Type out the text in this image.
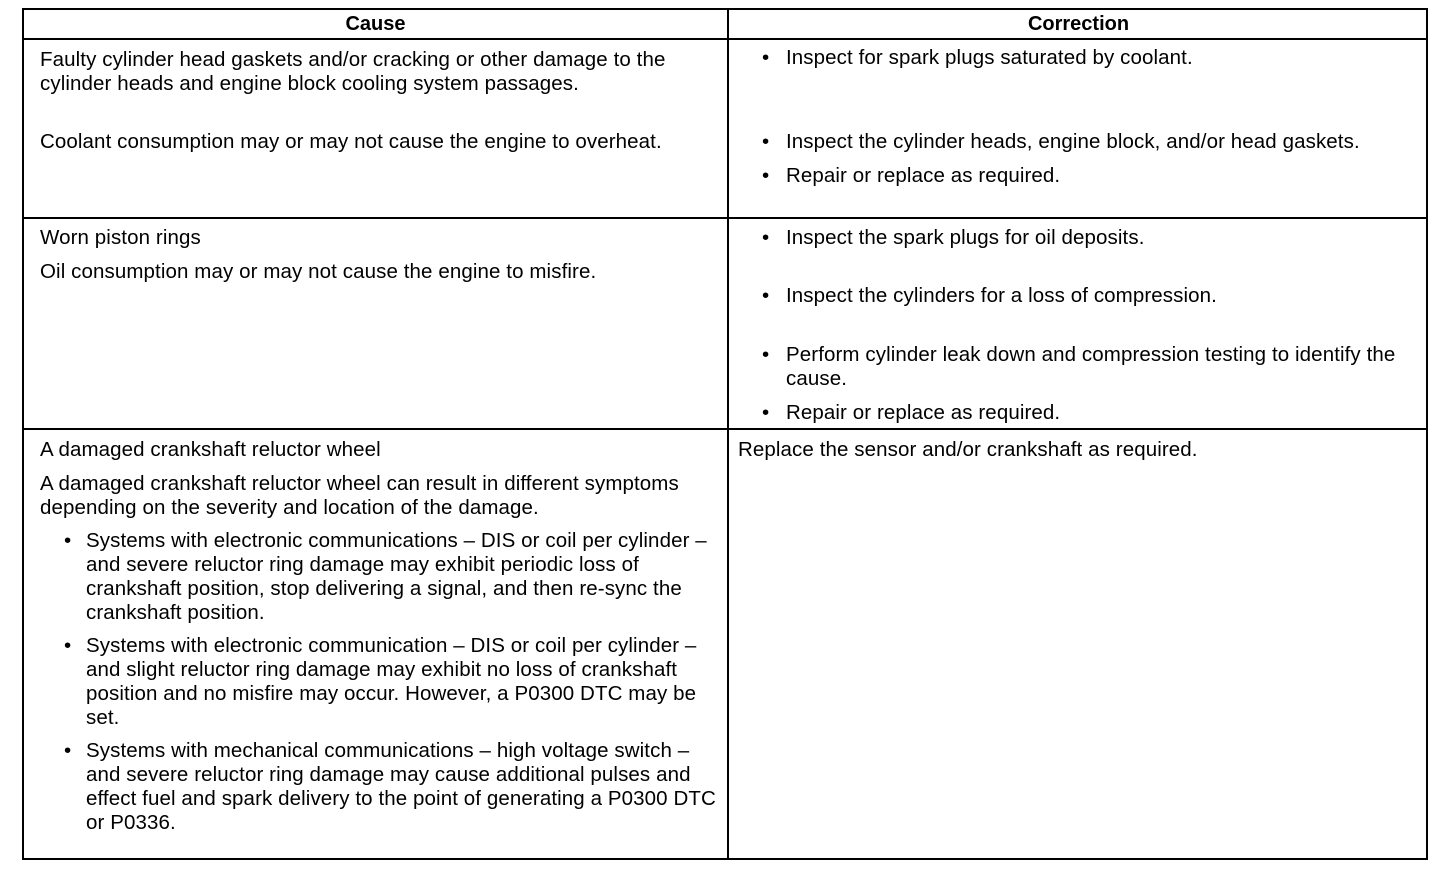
Cause	Correction

Faulty cylinder head gaskets and/or cracking or other damage to the cylinder heads and engine block cooling system passages.

Coolant consumption may or may not cause the engine to overheat.

• Inspect for spark plugs saturated by coolant.
• Inspect the cylinder heads, engine block, and/or head gaskets.
• Repair or replace as required.

Worn piston rings

Oil consumption may or may not cause the engine to misfire.

• Inspect the spark plugs for oil deposits.
• Inspect the cylinders for a loss of compression.
• Perform cylinder leak down and compression testing to identify the cause.
• Repair or replace as required.

A damaged crankshaft reluctor wheel

A damaged crankshaft reluctor wheel can result in different symptoms depending on the severity and location of the damage.

• Systems with electronic communications – DIS or coil per cylinder – and severe reluctor ring damage may exhibit periodic loss of crankshaft position, stop delivering a signal, and then re-sync the crankshaft position.
• Systems with electronic communication – DIS or coil per cylinder – and slight reluctor ring damage may exhibit no loss of crankshaft position and no misfire may occur. However, a P0300 DTC may be set.
• Systems with mechanical communications – high voltage switch – and severe reluctor ring damage may cause additional pulses and effect fuel and spark delivery to the point of generating a P0300 DTC or P0336.

Replace the sensor and/or crankshaft as required.
